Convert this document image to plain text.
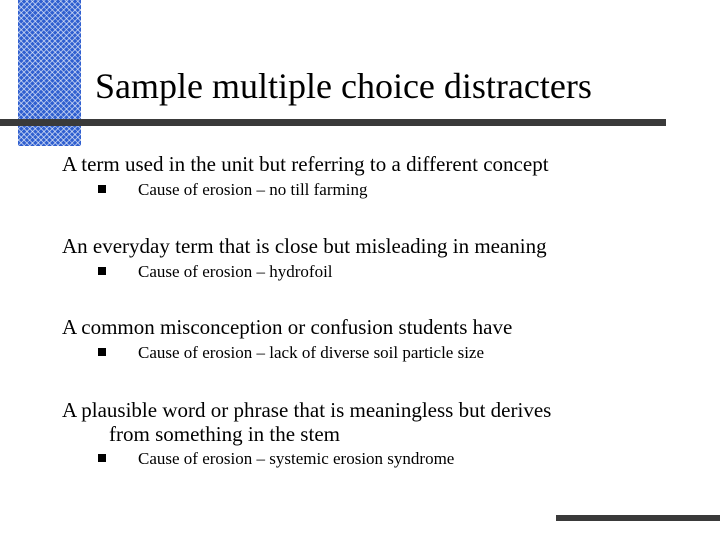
Sample multiple choice distracters
A term used in the unit but referring to a different concept
Cause of erosion – no till farming
An everyday term that is close but misleading in meaning
Cause of erosion – hydrofoil
A common misconception or confusion students have
Cause of erosion – lack of diverse soil particle size
A plausible word or phrase that is meaningless but derives
from something in the stem
Cause of erosion – systemic erosion syndrome
